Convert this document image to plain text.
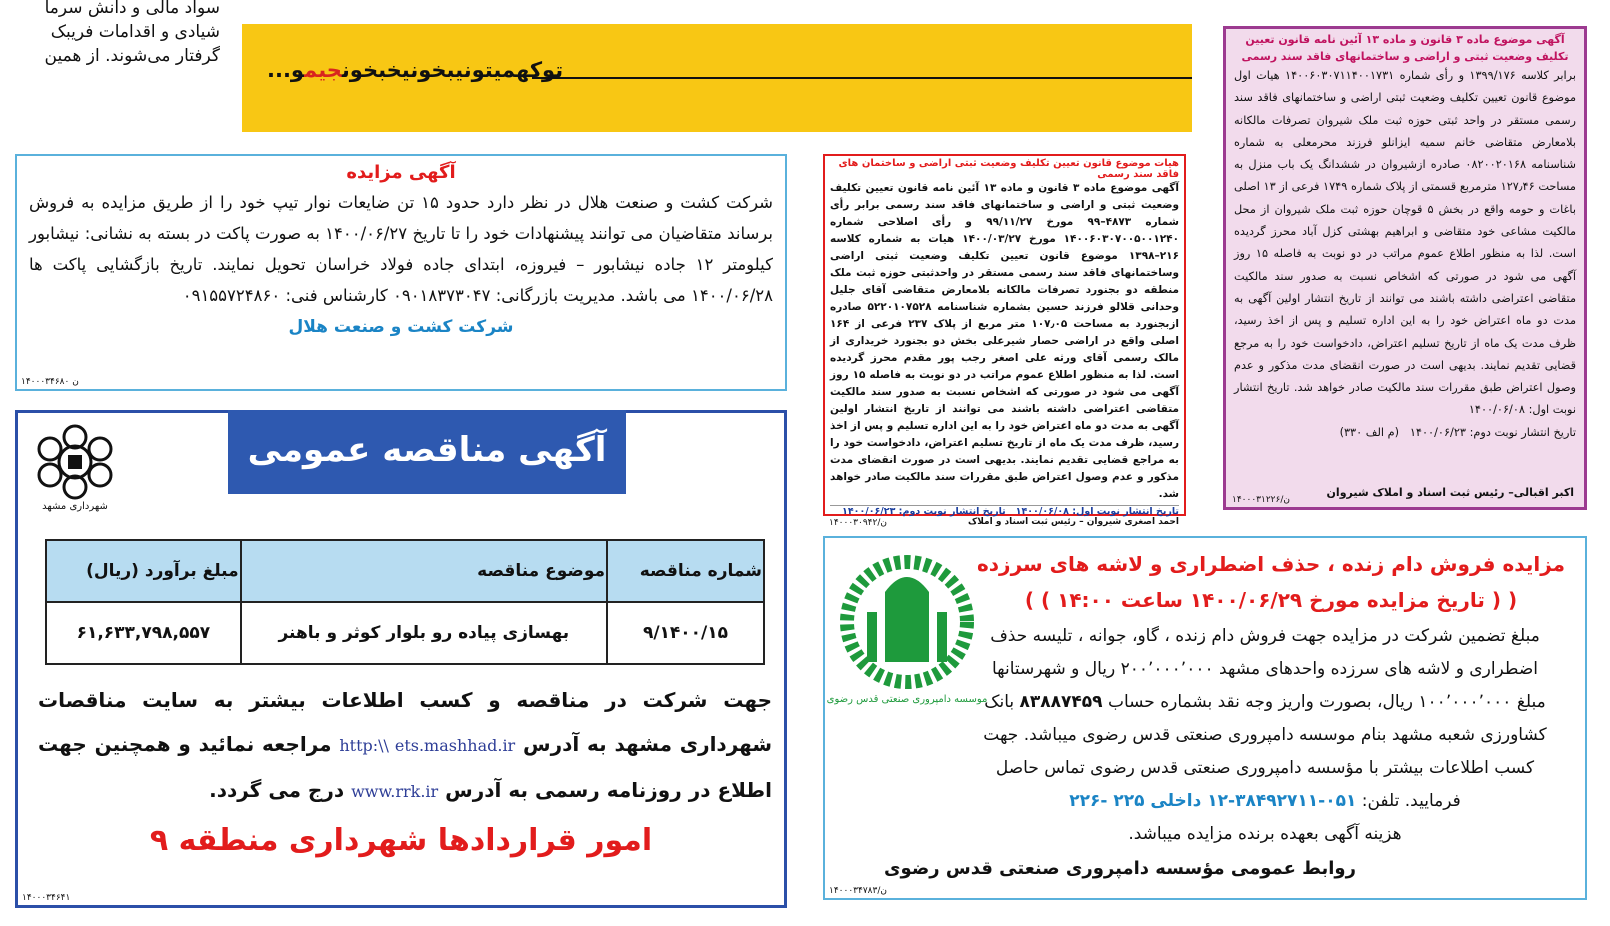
سواد مالی و دانش سرما
شیادی و اقدامات فریبک
گرفتار می‌شوند. از همین
توکهمیتونیبخونیخبخونجیمو...
آگهی مزایده
شرکت کشت و صنعت هلال در نظر دارد حدود ۱۵ تن ضایعات نوار تیپ خود را از طریق مزایده به فروش برساند متقاضیان می توانند پیشنهادات خود را تا تاریخ ۱۴۰۰/۰۶/۲۷ به صورت پاکت در بسته به نشانی: نیشابور کیلومتر ۱۲ جاده نیشابور – فیروزه، ابتدای جاده فولاد خراسان تحویل نمایند. تاریخ بازگشایی پاکت ها ۱۴۰۰/۰۶/۲۸ می باشد. مدیریت بازرگانی: ۰۹۰۱۸۳۷۳۰۴۷ کارشناس فنی: ۰۹۱۵۵۷۲۴۸۶۰
شرکت کشت و صنعت هلال
ن ۱۴۰۰۰۳۴۶۸۰
آگهی مناقصه عمومی
شهرداری مشهد
شماره مناقصه	موضوع مناقصه	مبلغ برآورد (ریال)
۹/۱۴۰۰/۱۵	بهسازی پیاده رو بلوار کوثر و باهنر	۶۱,۶۳۳,۷۹۸,۵۵۷
جهت شرکت در مناقصه و کسب اطلاعات بیشتر به سایت مناقصات شهرداری مشهد به آدرس http:\\ ets.mashhad.ir مراجعه نمائید و همچنین جهت اطلاع در روزنامه رسمی به آدرس www.rrk.ir درج می گردد.
امور قراردادها شهرداری منطقه ۹
۱۴۰۰۰۳۴۶۴۱
هیات موضوع قانون تعیین تکلیف وضعیت ثبتی اراضی و ساختمان های فاقد سند رسمی
آگهی موضوع ماده ۳ قانون و ماده ۱۳ آئین نامه قانون تعیین تکلیف وضعیت ثبتی و اراضی و ساختمانهای فاقد سند رسمی برابر رأی شماره ۴۸۷۳–۹۹ مورخ ۹۹/۱۱/۲۷ و رأی اصلاحی شماره ۱۴۰۰۶۰۳۰۷۰۰۵۰۰۱۲۴۰ مورخ ۱۴۰۰/۰۳/۲۷ هیات به شماره کلاسه ۲۱۶–۱۳۹۸ موضوع قانون تعیین تکلیف وضعیت ثبتی اراضی وساختمانهای فاقد سند رسمی مستقر در واحدثبتی حوزه ثبت ملک منطقه دو بجنورد تصرفات مالکانه بلامعارض متقاضی آقای جلیل وحدانی قلالو فرزند حسین بشماره شناسنامه ۵۲۲۰۱۰۷۵۲۸ صادره ازبجنورد به مساحت ۱۰۷٫۰۵ متر مربع از پلاک ۲۳۷ فرعی از ۱۶۴ اصلی واقع در اراضی حصار شیرعلی بخش دو بجنورد خریداری از مالک رسمی آقای ورثه علی اصغر رجب پور مقدم محرز گردیده است. لذا به منظور اطلاع عموم مراتب در دو نوبت به فاصله ۱۵ روز آگهی می شود در صورتی که اشخاص نسبت به صدور سند مالکیت متقاضی اعتراضی داشته باشند می توانند از تاریخ انتشار اولین آگهی به مدت دو ماه اعتراض خود را به این اداره تسلیم و پس از اخذ رسید، ظرف مدت یک ماه از تاریخ تسلیم اعتراض، دادخواست خود را به مراجع قضایی تقدیم نمایند. بدیهی است در صورت انقضای مدت مذکور و عدم وصول اعتراض طبق مقررات سند مالکیت صادر خواهد شد.
تاریخ انتشار نوبت اول: ۱۴۰۰/۰۶/۰۸   تاریخ انتشار نوبت دوم: ۱۴۰۰/۰۶/۲۳
احمد اصغری شیروان – رئیس ثبت اسناد و املاک
ن/۱۴۰۰۰۳۰۹۴۲
آگهی موضوع ماده ۳ قانون و ماده ۱۳ آئین نامه قانون تعیین تکلیف وضعیت ثبتی و اراضی و ساختمانهای فاقد سند رسمی
برابر کلاسه ۱۳۹۹/۱۷۶ و رأی شماره ۱۴۰۰۶۰۳۰۷۱۱۴۰۰۱۷۳۱ هیات اول موضوع قانون تعیین تکلیف وضعیت ثبتی اراضی و ساختمانهای فاقد سند رسمی مستقر در واحد ثبتی حوزه ثبت ملک شیروان تصرفات مالکانه بلامعارض متقاضی خانم سمیه ایزانلو فرزند محرمعلی به شماره شناسنامه ۰۸۲۰۰۲۰۱۶۸ صادره ازشیروان در ششدانگ یک باب منزل به مساحت ۱۲۷٫۴۶ مترمربع قسمتی از پلاک شماره ۱۷۴۹ فرعی از ۱۳ اصلی باغات و حومه واقع در بخش ۵ قوچان حوزه ثبت ملک شیروان از محل مالکیت مشاعی خود متقاضی و ابراهیم بهشتی کزل آباد محرز گردیده است. لذا به منظور اطلاع عموم مراتب در دو نوبت به فاصله ۱۵ روز آگهی می شود در صورتی که اشخاص نسبت به صدور سند مالکیت متقاضی اعتراضی داشته باشند می توانند از تاریخ انتشار اولین آگهی به مدت دو ماه اعتراض خود را به این اداره تسلیم و پس از اخذ رسید، ظرف مدت یک ماه از تاریخ تسلیم اعتراض، دادخواست خود را به مرجع قضایی تقدیم نمایند. بدیهی است در صورت انقضای مدت مذکور و عدم وصول اعتراض طبق مقررات سند مالکیت صادر خواهد شد. تاریخ انتشار نوبت اول: ۱۴۰۰/۰۶/۰۸
تاریخ انتشار نوبت دوم: ۱۴۰۰/۰۶/۲۳   (م الف ۳۳۰)
اکبر اقبالی– رئیس ثبت اسناد و املاک شیروان
ن/۱۴۰۰۰۳۱۲۲۶
موسسه دامپروری صنعتی قدس رضوی
مزایده فروش دام زنده ، حذف اضطراری و لاشه های سرزده
( ( تاریخ مزایده مورخ ۱۴۰۰/۰۶/۲۹ ساعت ۱۴:۰۰ ) )
مبلغ تضمین شرکت در مزایده جهت فروش دام زنده ، گاو، جوانه ، تلیسه حذف اضطراری و لاشه های سرزده واحدهای مشهد ۲۰۰٬۰۰۰٬۰۰۰ ریال و شهرستانها مبلغ ۱۰۰٬۰۰۰٬۰۰۰ ریال، بصورت واریز وجه نقد بشماره حساب ۸۳۸۸۷۴۵۹ بانک کشاورزی شعبه مشهد بنام موسسه دامپروری صنعتی قدس رضوی میباشد. جهت کسب اطلاعات بیشتر با مؤسسه دامپروری صنعتی قدس رضوی تماس حاصل فرمایید. تلفن: ۰۵۱-۳۸۴۹۲۷۱۱-۱۲ داخلی ۲۲۵ -۲۲۶
هزینه آگهی بعهده برنده مزایده میباشد.
روابط عمومی مؤسسه دامپروری صنعتی قدس رضوی
ن/۱۴۰۰۰۳۴۷۸۳
